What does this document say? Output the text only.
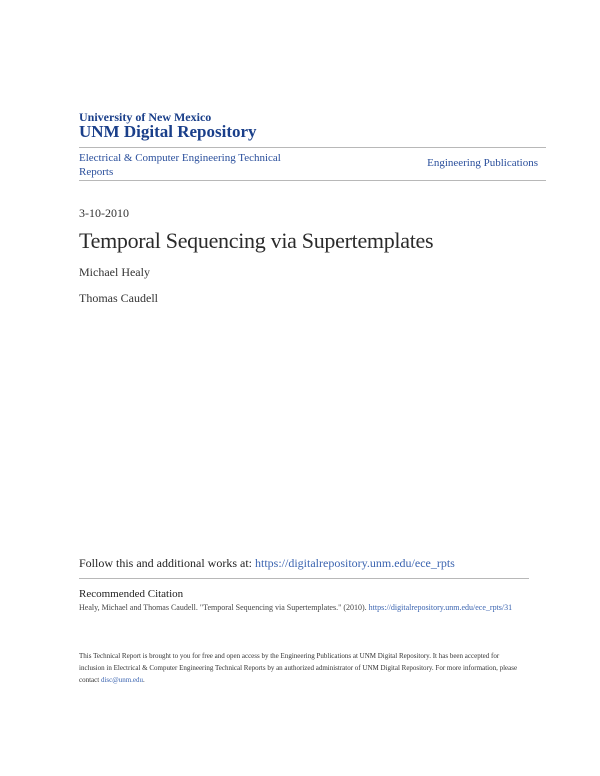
University of New Mexico
UNM Digital Repository
Electrical & Computer Engineering Technical Reports
Engineering Publications
3-10-2010
Temporal Sequencing via Supertemplates
Michael Healy
Thomas Caudell
Follow this and additional works at: https://digitalrepository.unm.edu/ece_rpts
Recommended Citation
Healy, Michael and Thomas Caudell. "Temporal Sequencing via Supertemplates." (2010). https://digitalrepository.unm.edu/ece_rpts/31
This Technical Report is brought to you for free and open access by the Engineering Publications at UNM Digital Repository. It has been accepted for inclusion in Electrical & Computer Engineering Technical Reports by an authorized administrator of UNM Digital Repository. For more information, please contact disc@unm.edu.
